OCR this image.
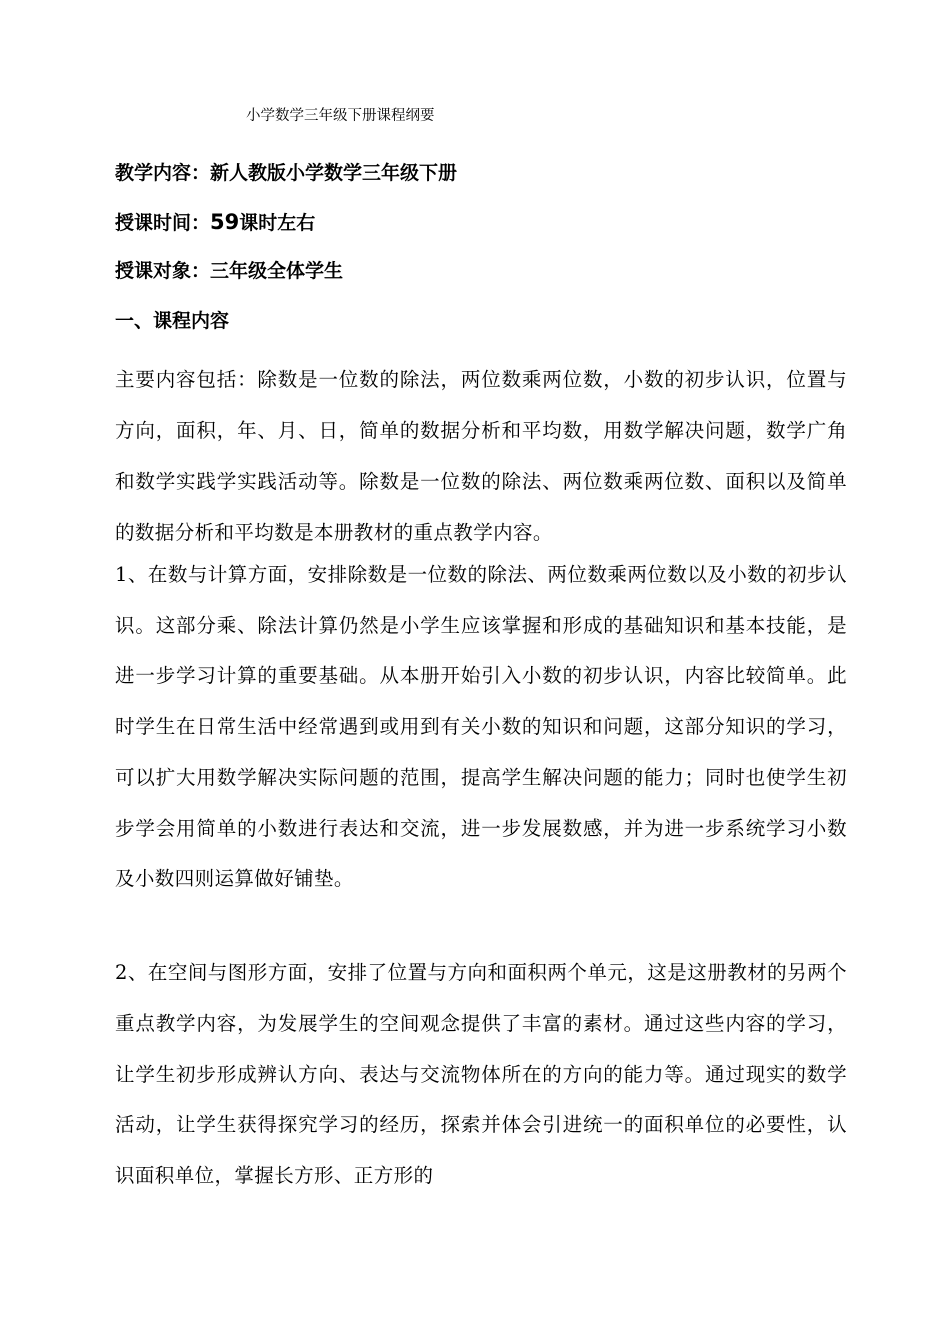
小学数学三年级下册课程纲要
教学内容：新人教版小学数学三年级下册
授课时间：59课时左右
授课对象：三年级全体学生
一、课程内容

主要内容包括：除数是一位数的除法，两位数乘两位数，小数的初步认识，位置与方向，面积，年、月、日，简单的数据分析和平均数，用数学解决问题，数学广角和数学实践学实践活动等。除数是一位数的除法、两位数乘两位数、面积以及简单的数据分析和平均数是本册教材的重点教学内容。

1、在数与计算方面，安排除数是一位数的除法、两位数乘两位数以及小数的初步认识。这部分乘、除法计算仍然是小学生应该掌握和形成的基础知识和基本技能，是进一步学习计算的重要基础。从本册开始引入小数的初步认识，内容比较简单。此时学生在日常生活中经常遇到或用到有关小数的知识和问题，这部分知识的学习，可以扩大用数学解决实际问题的范围，提高学生解决问题的能力；同时也使学生初步学会用简单的小数进行表达和交流，进一步发展数感，并为进一步系统学习小数及小数四则运算做好铺垫。

2、在空间与图形方面，安排了位置与方向和面积两个单元，这是这册教材的另两个重点教学内容，为发展学生的空间观念提供了丰富的素材。通过这些内容的学习，让学生初步形成辨认方向、表达与交流物体所在的方向的能力等。通过现实的数学活动，让学生获得探究学习的经历，探索并体会引进统一的面积单位的必要性，认识面积单位，掌握长方形、正方形的
